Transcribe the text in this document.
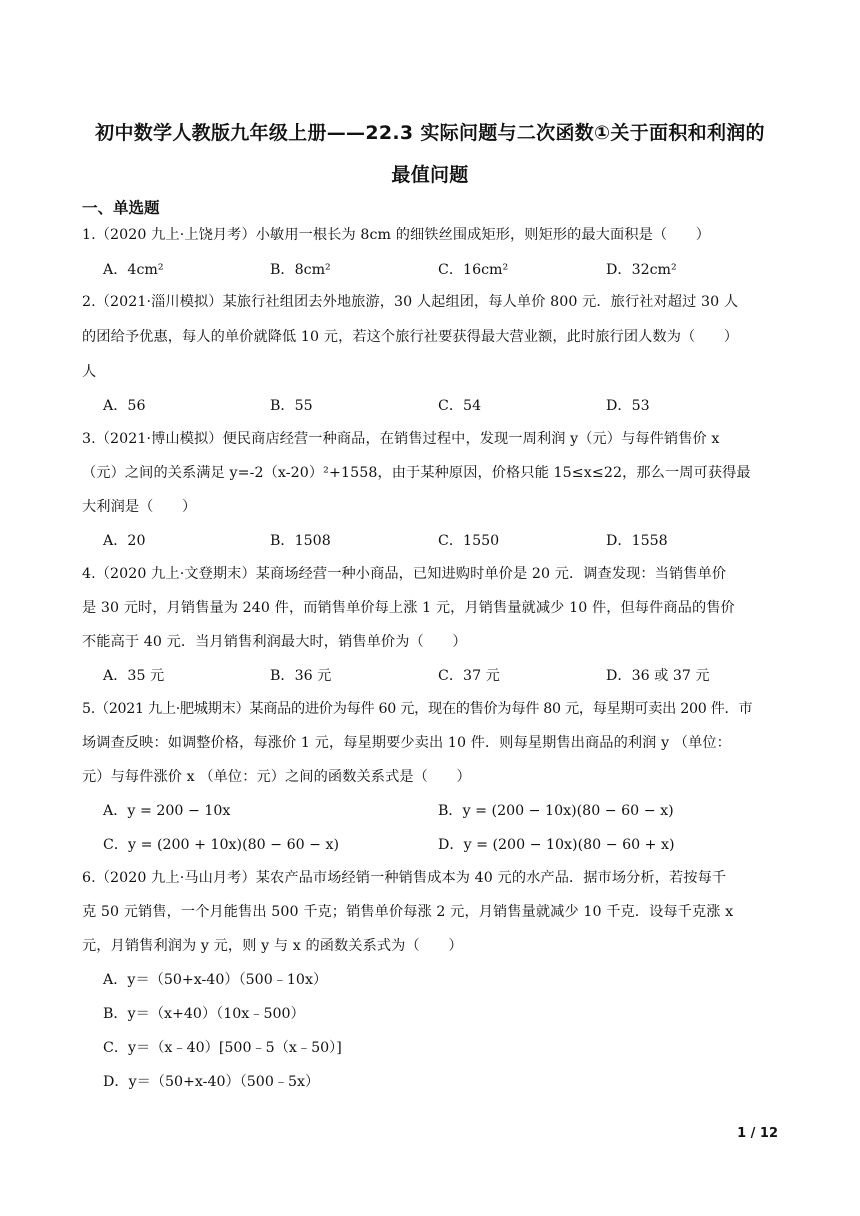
初中数学人教版九年级上册——22.3 实际问题与二次函数①关于面积和利润的
最值问题
一、单选题
1.（2020 九上·上饶月考）小敏用一根长为 8cm 的细铁丝围成矩形，则矩形的最大面积是（　　）
A．4cm²	B．8cm²	C．16cm²	D．32cm²
2.（2021·淄川模拟）某旅行社组团去外地旅游，30 人起组团，每人单价 800 元．旅行社对超过 30 人
的团给予优惠，每人的单价就降低 10 元，若这个旅行社要获得最大营业额，此时旅行团人数为（　　）
人
A．56	B．55	C．54	D．53
3.（2021·博山模拟）便民商店经营一种商品，在销售过程中，发现一周利润 y（元）与每件销售价 x
（元）之间的关系满足 y=-2（x-20）²+1558，由于某种原因，价格只能 15≤x≤22，那么一周可获得最
大利润是（　　）
A．20	B．1508	C．1550	D．1558
4.（2020 九上·文登期末）某商场经营一种小商品，已知进购时单价是 20 元．调查发现：当销售单价
是 30 元时，月销售量为 240 件，而销售单价每上涨 1 元，月销售量就减少 10 件，但每件商品的售价
不能高于 40 元．当月销售利润最大时，销售单价为（　　）
A．35 元	B．36 元	C．37 元	D．36 或 37 元
5.（2021 九上·肥城期末）某商品的进价为每件 60 元，现在的售价为每件 80 元，每星期可卖出 200 件．市
场调查反映：如调整价格，每涨价 1 元，每星期要少卖出 10 件．则每星期售出商品的利润 y （单位：
元）与每件涨价 x （单位：元）之间的函数关系式是（　　）
A．y = 200 − 10x	B．y = (200 − 10x)(80 − 60 − x)
C．y = (200 + 10x)(80 − 60 − x)	D．y = (200 − 10x)(80 − 60 + x)
6.（2020 九上·马山月考）某农产品市场经销一种销售成本为 40 元的水产品．据市场分析，若按每千
克 50 元销售，一个月能售出 500 千克；销售单价每涨 2 元，月销售量就减少 10 千克．设每千克涨 x
元，月销售利润为 y 元，则 y 与 x 的函数关系式为（　　）
A．y＝（50+x-40）（500﹣10x）
B．y＝（x+40）（10x﹣500）
C．y＝（x﹣40）[500﹣5（x﹣50）]
D．y＝（50+x-40）（500﹣5x）
1 / 12
